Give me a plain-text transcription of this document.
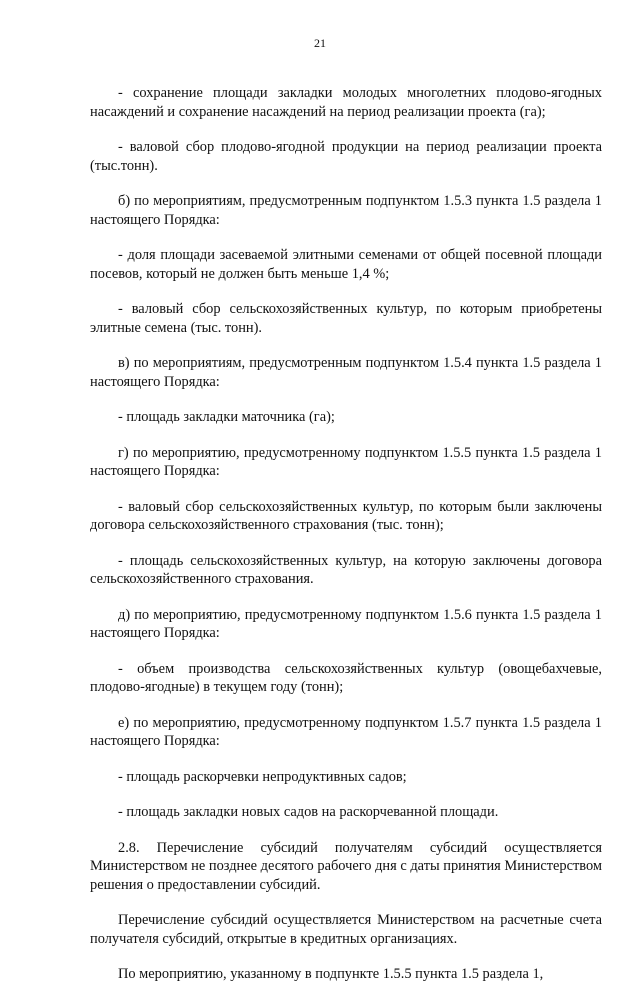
21

- сохранение площади закладки молодых многолетних плодово-ягодных насаждений и сохранение насаждений на период реализации проекта (га);

- валовой сбор плодово-ягодной продукции на период реализации проекта (тыс.тонн).

б) по мероприятиям, предусмотренным подпунктом 1.5.3 пункта 1.5 раздела 1 настоящего Порядка:

- доля площади засеваемой элитными семенами от общей посевной площади посевов, который не должен быть меньше 1,4 %;

- валовый сбор сельскохозяйственных культур, по которым приобретены элитные семена (тыс. тонн).

в) по мероприятиям, предусмотренным подпунктом 1.5.4 пункта 1.5 раздела 1 настоящего Порядка:

- площадь закладки маточника (га);

г) по мероприятию, предусмотренному подпунктом 1.5.5 пункта 1.5 раздела 1 настоящего Порядка:

- валовый сбор сельскохозяйственных культур, по которым были заключены договора сельскохозяйственного страхования (тыс. тонн);

- площадь сельскохозяйственных культур, на которую заключены договора сельскохозяйственного страхования.

д) по мероприятию, предусмотренному подпунктом 1.5.6 пункта 1.5 раздела 1 настоящего Порядка:

- объем производства сельскохозяйственных культур (овощебахчевые, плодово-ягодные) в текущем году (тонн);

е) по мероприятию, предусмотренному подпунктом 1.5.7 пункта 1.5 раздела 1 настоящего Порядка:

- площадь раскорчевки непродуктивных садов;

- площадь закладки новых садов на раскорчеванной площади.

2.8. Перечисление субсидий получателям субсидий осуществляется Министерством не позднее десятого рабочего дня с даты принятия Министерством решения о предоставлении субсидий.

Перечисление субсидий осуществляется Министерством на расчетные счета получателя субсидий, открытые в кредитных организациях.

По мероприятию, указанному в подпункте 1.5.5 пункта 1.5 раздела 1,
